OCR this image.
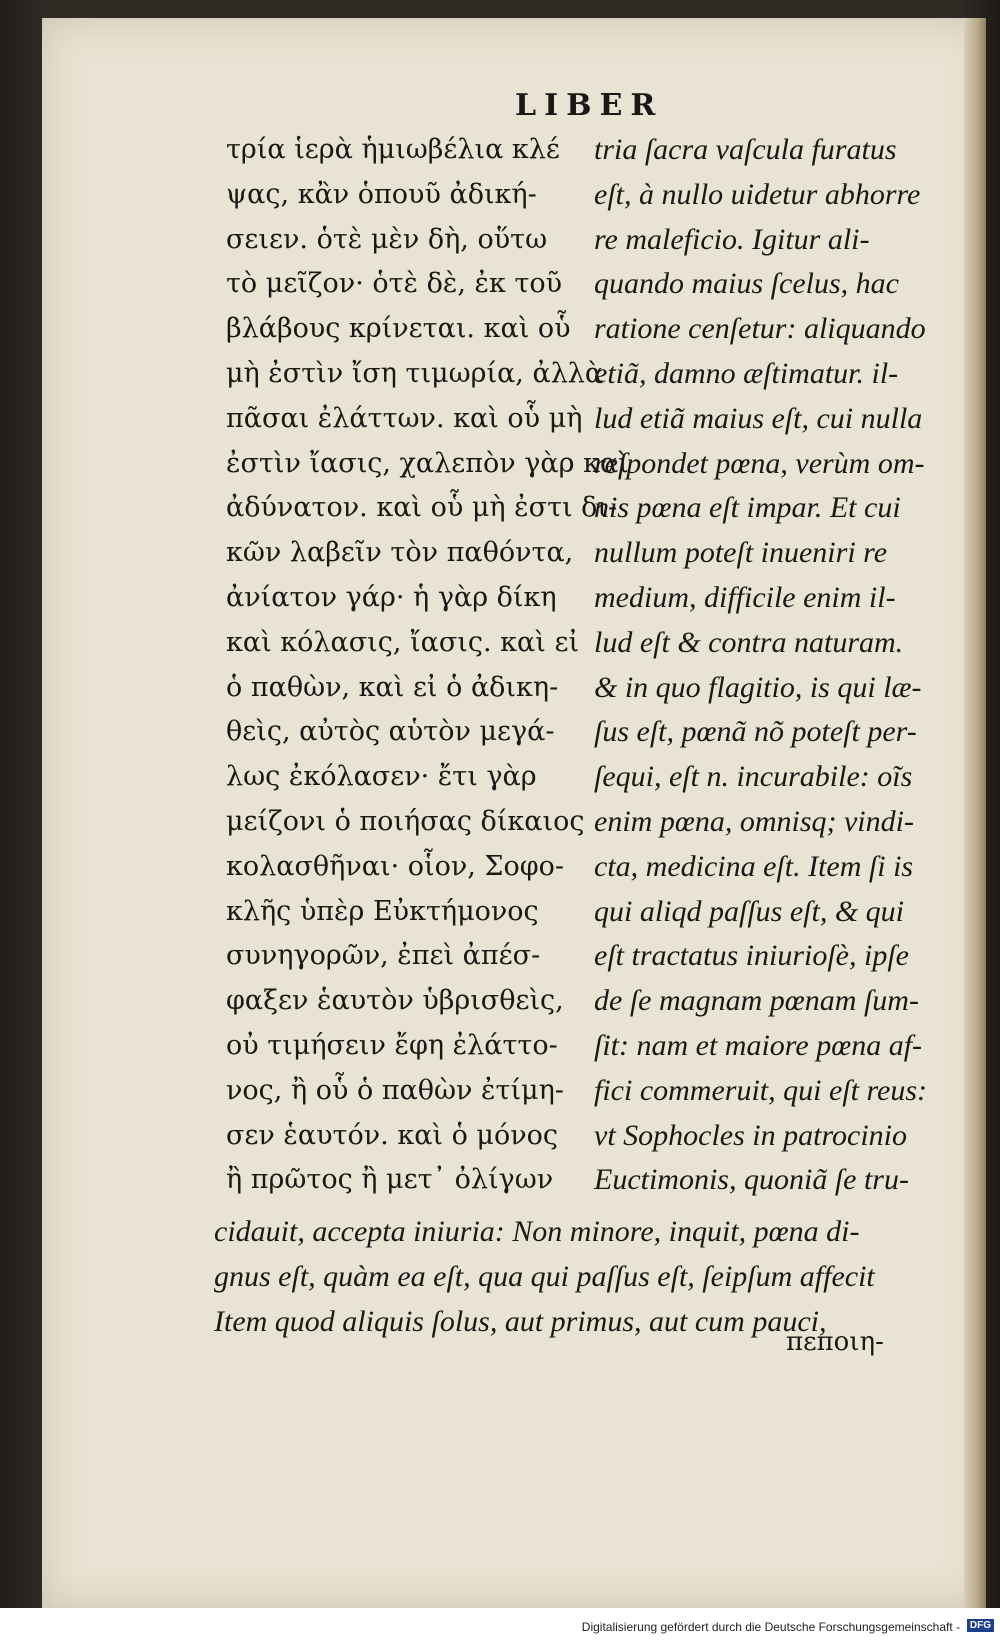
LIBER
τρία ἱερὰ ἡμιωβέλια κλέ
ψας, κἂν ὁπουῦ ἀδική-
σειεν. ὁτὲ μὲν δὴ, οὕτω
τὸ μεῖζον· ὁτὲ δὲ, ἐκ τοῦ
βλάβους κρίνεται. καὶ οὗ
μὴ ἐστὶν ἴση τιμωρία, ἀλλὰ
πᾶσαι ἐλάττων. καὶ οὗ μὴ
ἐστὶν ἴασις, χαλεπὸν γὰρ καὶ
ἀδύνατον. καὶ οὗ μὴ ἐστι δι-
κῶν λαβεῖν τὸν παθόντα,
ἀνίατον γάρ· ἡ γὰρ δίκη
καὶ κόλασις, ἴασις. καὶ εἰ
ὁ παθὼν, καὶ εἰ ὁ ἀδικη-
θεὶς, αὐτὸς αὑτὸν μεγά-
λως ἐκόλασεν· ἔτι γὰρ
μείζονι ὁ ποιήσας δίκαιος
κολασθῆναι· οἷον, Σοφο-
κλῆς ὑπὲρ Εὐκτήμονος
συνηγορῶν, ἐπεὶ ἀπέσ-
φαξεν ἑαυτὸν ὑβρισθεὶς,
οὐ τιμήσειν ἔφη ἐλάττο-
νος, ἢ οὗ ὁ παθὼν ἐτίμη-
σεν ἑαυτόν. καὶ ὁ μόνος
ἢ πρῶτος ἢ μετ᾽ ὀλίγων
tria ſacra vaſcula furatus
eſt, à nullo uidetur abhorre
re maleficio. Igitur ali-
quando maius ſcelus, hac
ratione cenſetur: aliquando
etiã, damno æſtimatur. il-
lud etiã maius eſt, cui nulla
reſpondet pœna, verùm om-
nis pœna eſt impar. Et cui
nullum poteſt inueniri re
medium, difficile enim il-
lud eſt & contra naturam.
& in quo flagitio, is qui læ-
ſus eſt, pœnã nõ poteſt per-
ſequi, eſt n. incurabile: oĩs
enim pœna, omnisq; vindi-
cta, medicina eſt. Item ſi is
qui aliqd paſſus eſt, & qui
eſt tractatus iniurioſè, ipſe
de ſe magnam pœnam ſum-
ſit: nam et maiore pœna af-
fici commeruit, qui eſt reus:
vt Sophocles in patrocinio
Euctimonis, quoniã ſe tru-
cidauit, accepta iniuria: Non minore, inquit, pœna di-
gnus eſt, quàm ea eſt, qua qui paſſus eſt, ſeipſum affecit
Item quod aliquis ſolus, aut primus, aut cum pauci,
πεποιη-
Digitalisierung gefördert durch die Deutsche Forschungsgemeinschaft - DFG
